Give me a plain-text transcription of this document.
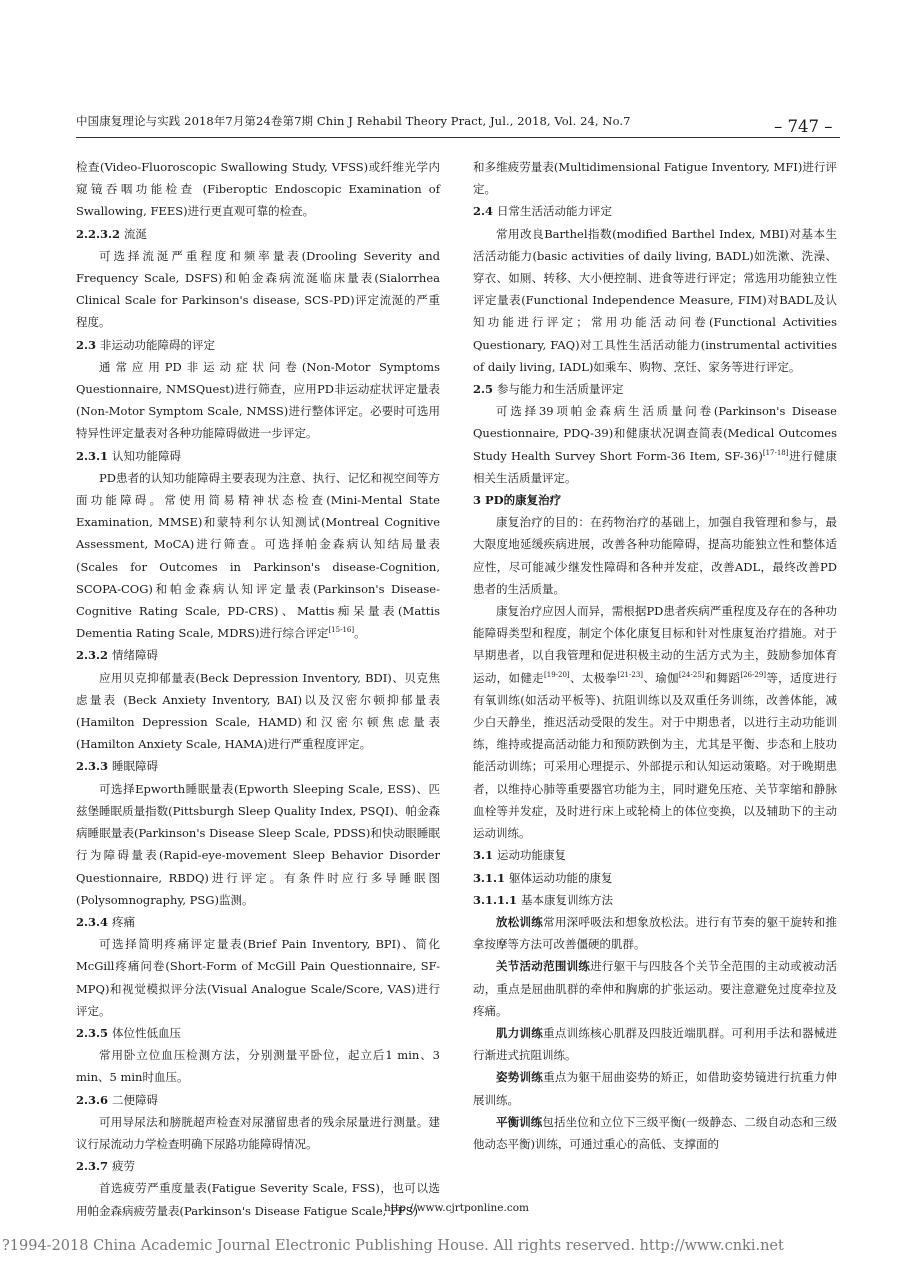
中国康复理论与实践 2018年7月第24卷第7期 Chin J Rehabil Theory Pract, Jul., 2018, Vol. 24, No.7	– 747 –

检查(Video-Fluoroscopic Swallowing Study, VFSS)或纤维光学内窥镜吞咽功能检查 (Fiberoptic Endoscopic Examination of Swallowing, FEES)进行更直观可靠的检查。

2.2.3.2 流涎

可选择流涎严重程度和频率量表(Drooling Severity and Frequency Scale, DSFS)和帕金森病流涎临床量表(Sialorrhea Clinical Scale for Parkinson's disease, SCS-PD)评定流涎的严重程度。

2.3 非运动功能障碍的评定

通常应用PD非运动症状问卷(Non-Motor Symptoms Questionnaire, NMSQuest)进行筛查，应用PD非运动症状评定量表(Non-Motor Symptom Scale, NMSS)进行整体评定。必要时可选用特异性评定量表对各种功能障碍做进一步评定。

2.3.1 认知功能障碍

PD患者的认知功能障碍主要表现为注意、执行、记忆和视空间等方面功能障碍。常使用简易精神状态检查(Mini-Mental State Examination, MMSE)和蒙特利尔认知测试(Montreal Cognitive Assessment, MoCA)进行筛查。可选择帕金森病认知结局量表(Scales for Outcomes in Parkinson's disease-Cognition, SCOPA-COG)和帕金森病认知评定量表(Parkinson's Disease-Cognitive Rating Scale, PD-CRS)、Mattis痴呆量表(Mattis Dementia Rating Scale, MDRS)进行综合评定[15-16]。

2.3.2 情绪障碍

应用贝克抑郁量表(Beck Depression Inventory, BDI)、贝克焦虑量表 (Beck Anxiety Inventory, BAI)以及汉密尔顿抑郁量表(Hamilton Depression Scale, HAMD)和汉密尔顿焦虑量表(Hamilton Anxiety Scale, HAMA)进行严重程度评定。

2.3.3 睡眠障碍

可选择Epworth睡眠量表(Epworth Sleeping Scale, ESS)、匹兹堡睡眠质量指数(Pittsburgh Sleep Quality Index, PSQI)、帕金森病睡眠量表(Parkinson's Disease Sleep Scale, PDSS)和快动眼睡眠行为障碍量表(Rapid-eye-movement Sleep Behavior Disorder Questionnaire, RBDQ)进行评定。有条件时应行多导睡眠图(Polysomnography, PSG)监测。

2.3.4 疼痛

可选择简明疼痛评定量表(Brief Pain Inventory, BPI)、简化McGill疼痛问卷(Short-Form of McGill Pain Questionnaire, SF-MPQ)和视觉模拟评分法(Visual Analogue Scale/Score, VAS)进行评定。

2.3.5 体位性低血压

常用卧立位血压检测方法，分别测量平卧位，起立后1 min、3 min、5 min时血压。

2.3.6 二便障碍

可用导尿法和膀胱超声检查对尿潴留患者的残余尿量进行测量。建议行尿流动力学检查明确下尿路功能障碍情况。

2.3.7 疲劳

首选疲劳严重度量表(Fatigue Severity Scale, FSS)，也可以选用帕金森病疲劳量表(Parkinson's Disease Fatigue Scale, PFS)

和多维疲劳量表(Multidimensional Fatigue Inventory, MFI)进行评定。

2.4 日常生活活动能力评定

常用改良Barthel指数(modified Barthel Index, MBI)对基本生活活动能力(basic activities of daily living, BADL)如洗漱、洗澡、穿衣、如厕、转移、大小便控制、进食等进行评定；常选用功能独立性评定量表(Functional Independence Measure, FIM)对BADL及认知功能进行评定；常用功能活动问卷(Functional Activities Questionary, FAQ)对工具性生活活动能力(instrumental activities of daily living, IADL)如乘车、购物、烹饪、家务等进行评定。

2.5 参与能力和生活质量评定

可选择39项帕金森病生活质量问卷(Parkinson's Disease Questionnaire, PDQ-39)和健康状况调查简表(Medical Outcomes Study Health Survey Short Form-36 Item, SF-36)[17-18]进行健康相关生活质量评定。

3 PD的康复治疗

康复治疗的目的：在药物治疗的基础上，加强自我管理和参与，最大限度地延缓疾病进展，改善各种功能障碍，提高功能独立性和整体适应性，尽可能减少继发性障碍和各种并发症，改善ADL，最终改善PD患者的生活质量。

康复治疗应因人而异，需根据PD患者疾病严重程度及存在的各种功能障碍类型和程度，制定个体化康复目标和针对性康复治疗措施。对于早期患者，以自我管理和促进积极主动的生活方式为主，鼓励参加体育运动，如健走[19-20]、太极拳[21-23]、瑜伽[24-25]和舞蹈[26-29]等，适度进行有氧训练(如活动平板等)、抗阻训练以及双重任务训练，改善体能，减少白天静坐，推迟活动受限的发生。对于中期患者，以进行主动功能训练，维持或提高活动能力和预防跌倒为主，尤其是平衡、步态和上肢功能活动训练；可采用心理提示、外部提示和认知运动策略。对于晚期患者，以维持心肺等重要器官功能为主，同时避免压疮、关节挛缩和静脉血栓等并发症，及时进行床上或轮椅上的体位变换，以及辅助下的主动运动训练。

3.1 运动功能康复
3.1.1 躯体运动功能的康复
3.1.1.1 基本康复训练方法

放松训练常用深呼吸法和想象放松法。进行有节奏的躯干旋转和推拿按摩等方法可改善僵硬的肌群。

关节活动范围训练进行躯干与四肢各个关节全范围的主动或被动活动，重点是屈曲肌群的牵伸和胸廓的扩张运动。要注意避免过度牵拉及疼痛。

肌力训练重点训练核心肌群及四肢近端肌群。可利用手法和器械进行渐进式抗阻训练。

姿势训练重点为躯干屈曲姿势的矫正，如借助姿势镜进行抗重力伸展训练。

平衡训练包括坐位和立位下三级平衡(一级静态、二级自动态和三级他动态平衡)训练，可通过重心的高低、支撑面的

http://www.cjrtponline.com
?1994-2018 China Academic Journal Electronic Publishing House. All rights reserved. http://www.cnki.net
